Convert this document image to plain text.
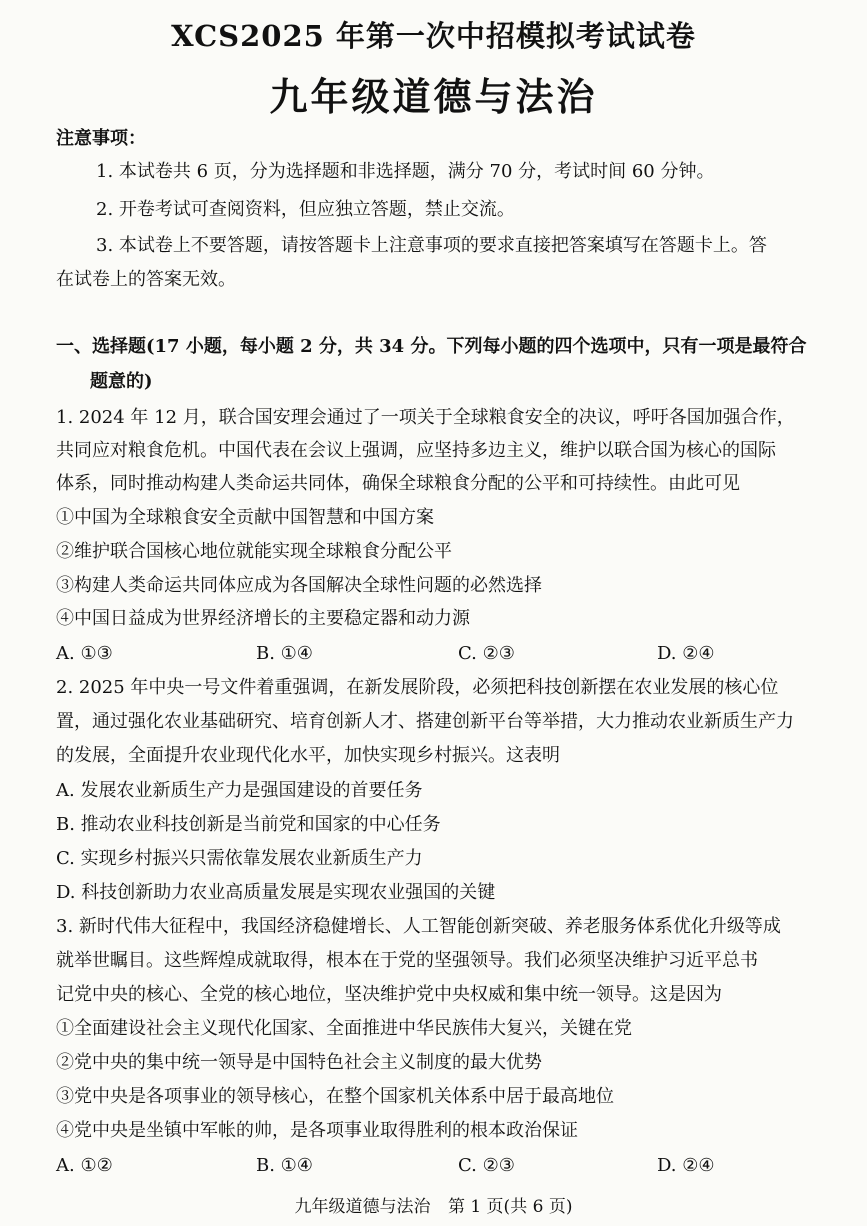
XCS2025 年第一次中招模拟考试试卷
九年级道德与法治
注意事项：
1. 本试卷共 6 页，分为选择题和非选择题，满分 70 分，考试时间 60 分钟。
2. 开卷考试可查阅资料，但应独立答题，禁止交流。
3. 本试卷上不要答题，请按答题卡上注意事项的要求直接把答案填写在答题卡上。答
在试卷上的答案无效。
一、选择题(17 小题，每小题 2 分，共 34 分。下列每小题的四个选项中，只有一项是最符合
题意的)
1. 2024 年 12 月，联合国安理会通过了一项关于全球粮食安全的决议，呼吁各国加强合作，
共同应对粮食危机。中国代表在会议上强调，应坚持多边主义，维护以联合国为核心的国际
体系，同时推动构建人类命运共同体，确保全球粮食分配的公平和可持续性。由此可见
①中国为全球粮食安全贡献中国智慧和中国方案
②维护联合国核心地位就能实现全球粮食分配公平
③构建人类命运共同体应成为各国解决全球性问题的必然选择
④中国日益成为世界经济增长的主要稳定器和动力源
A. ①③	B. ①④	C. ②③	D. ②④
2. 2025 年中央一号文件着重强调，在新发展阶段，必须把科技创新摆在农业发展的核心位
置，通过强化农业基础研究、培育创新人才、搭建创新平台等举措，大力推动农业新质生产力
的发展，全面提升农业现代化水平，加快实现乡村振兴。这表明
A. 发展农业新质生产力是强国建设的首要任务
B. 推动农业科技创新是当前党和国家的中心任务
C. 实现乡村振兴只需依靠发展农业新质生产力
D. 科技创新助力农业高质量发展是实现农业强国的关键
3. 新时代伟大征程中，我国经济稳健增长、人工智能创新突破、养老服务体系优化升级等成
就举世瞩目。这些辉煌成就取得，根本在于党的坚强领导。我们必须坚决维护习近平总书
记党中央的核心、全党的核心地位，坚决维护党中央权威和集中统一领导。这是因为
①全面建设社会主义现代化国家、全面推进中华民族伟大复兴，关键在党
②党中央的集中统一领导是中国特色社会主义制度的最大优势
③党中央是各项事业的领导核心，在整个国家机关体系中居于最高地位
④党中央是坐镇中军帐的帅，是各项事业取得胜利的根本政治保证
A. ①②	B. ①④	C. ②③	D. ②④
九年级道德与法治 第 1 页(共 6 页)
